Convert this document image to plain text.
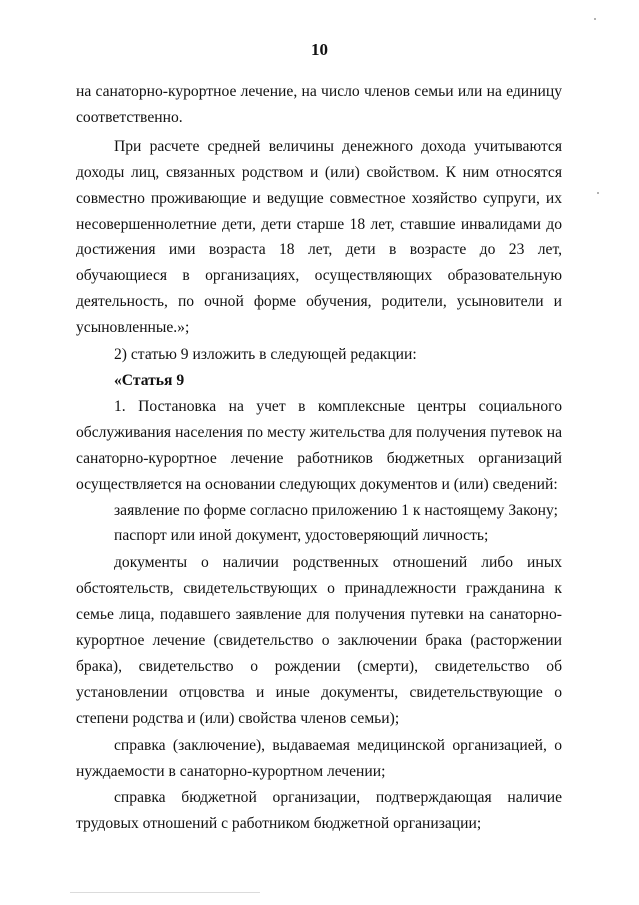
10

на санаторно-курортное лечение, на число членов семьи или на единицу соответственно.

При расчете средней величины денежного дохода учитываются доходы лиц, связанных родством и (или) свойством. К ним относятся совместно проживающие и ведущие совместное хозяйство супруги, их несовершеннолетние дети, дети старше 18 лет, ставшие инвалидами до достижения ими возраста 18 лет, дети в возрасте до 23 лет, обучающиеся в организациях, осуществляющих образовательную деятельность, по очной форме обучения, родители, усыновители и усыновленные.»;

2) статью 9 изложить в следующей редакции:

«Статья 9

1. Постановка на учет в комплексные центры социального обслуживания населения по месту жительства для получения путевок на санаторно-курортное лечение работников бюджетных организаций осуществляется на основании следующих документов и (или) сведений:

заявление по форме согласно приложению 1 к настоящему Закону;

паспорт или иной документ, удостоверяющий личность;

документы о наличии родственных отношений либо иных обстоятельств, свидетельствующих о принадлежности гражданина к семье лица, подавшего заявление для получения путевки на санаторно-курортное лечение (свидетельство о заключении брака (расторжении брака), свидетельство о рождении (смерти), свидетельство об установлении отцовства и иные документы, свидетельствующие о степени родства и (или) свойства членов семьи);

справка (заключение), выдаваемая медицинской организацией, о нуждаемости в санаторно-курортном лечении;

справка бюджетной организации, подтверждающая наличие трудовых отношений с работником бюджетной организации;
